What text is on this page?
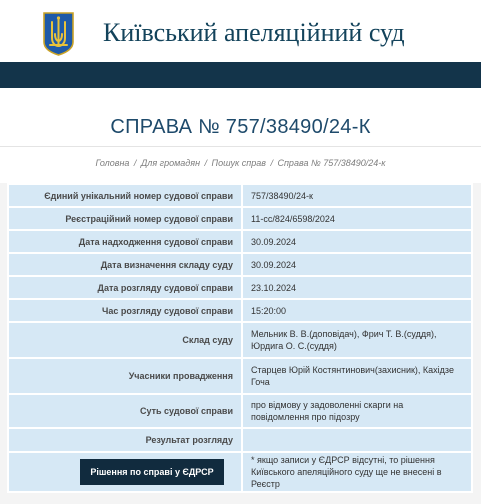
Київський апеляційний суд
СПРАВА № 757/38490/24-К
Головна / Для громадян / Пошук справ / Справа № 757/38490/24-к
Єдиний унікальний номер судової справи	757/38490/24-к
Реєстраційний номер судової справи	11-сс/824/6598/2024
Дата надходження судової справи	30.09.2024
Дата визначення складу суду	30.09.2024
Дата розгляду судової справи	23.10.2024
Час розгляду судової справи	15:20:00
Склад суду	Мельник В. В.(доповідач), Фрич Т. В.(суддя), Юрдига О. С.(суддя)
Учасники провадження	Старцев Юрій Костянтинович(захисник), Кахідзе Гоча
Суть судової справи	про відмову у задоволенні скарги на повідомлення про підозру
Результат розгляду	
Рішення по справі у ЄДРСР	* якщо записи у ЄДРСР відсутні, то рішення Київського апеляційного суду ще не внесені в Реєстр
